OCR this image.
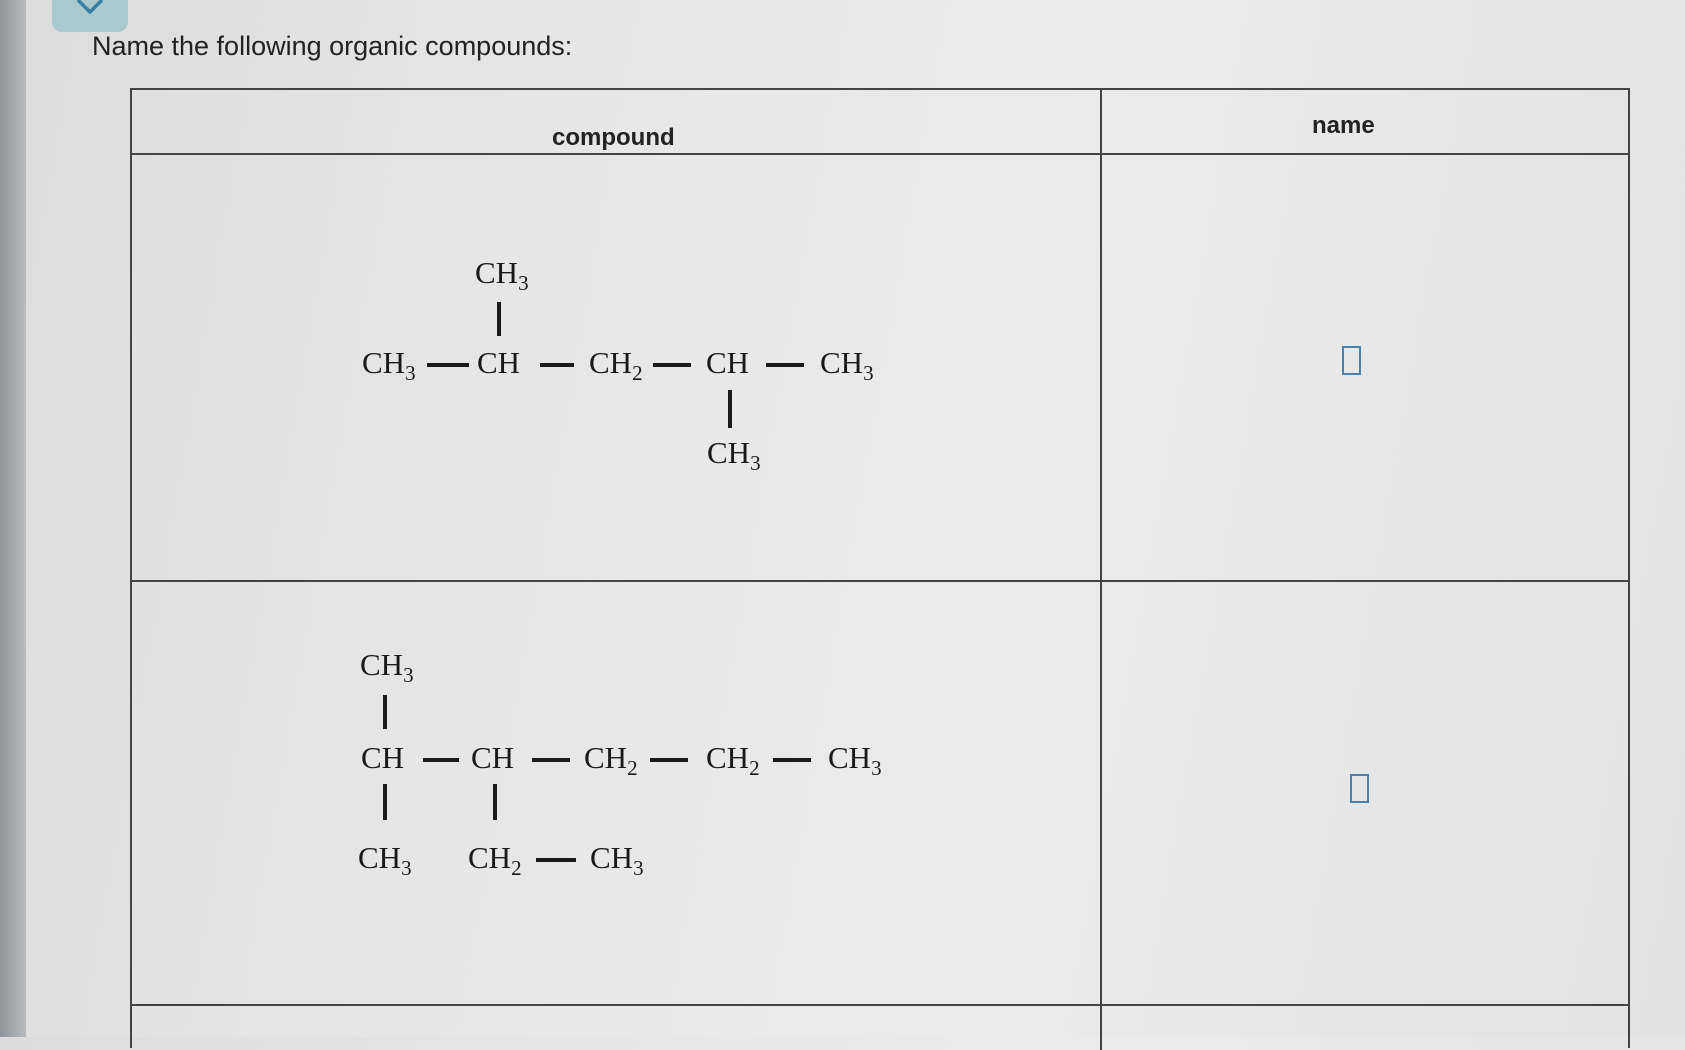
Name the following organic compounds:
compound	name
$CH_3$
$CH_3$ CH $CH_2$ CH $CH_3$
$CH_3$
$CH_3$
CH CH $CH_2$ $CH_2$ $CH_3$
$CH_3$ $CH_2$ $CH_3$
